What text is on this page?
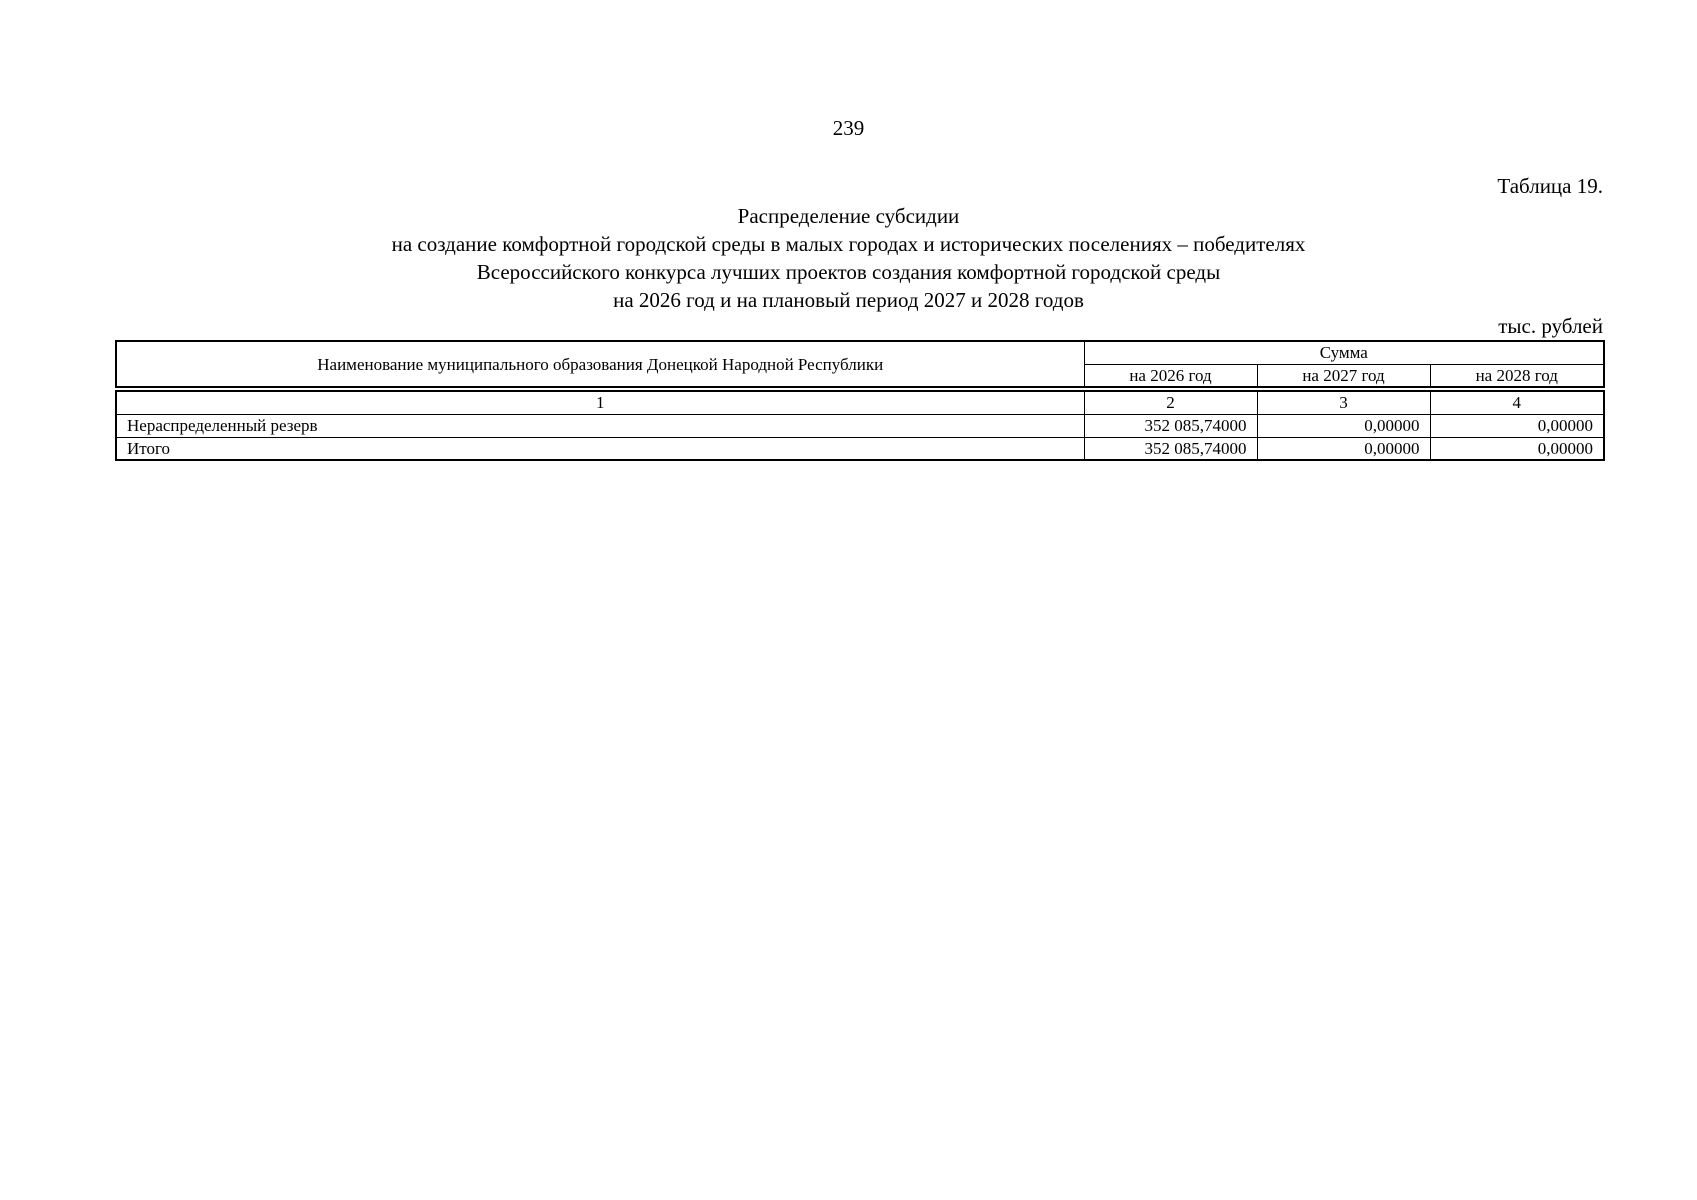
239
Таблица 19.
Распределение субсидии
на создание комфортной городской среды в малых городах и исторических поселениях – победителях
Всероссийского конкурса лучших проектов создания комфортной городской среды
на 2026 год и на плановый период 2027 и 2028 годов
тыс. рублей
Наименование муниципального образования Донецкой Народной Республики	Сумма		
	на 2026 год	на 2027 год	на 2028 год

1	2	3	4
Нераспределенный резерв	352 085,74000	0,00000	0,00000
Итого	352 085,74000	0,00000	0,00000
